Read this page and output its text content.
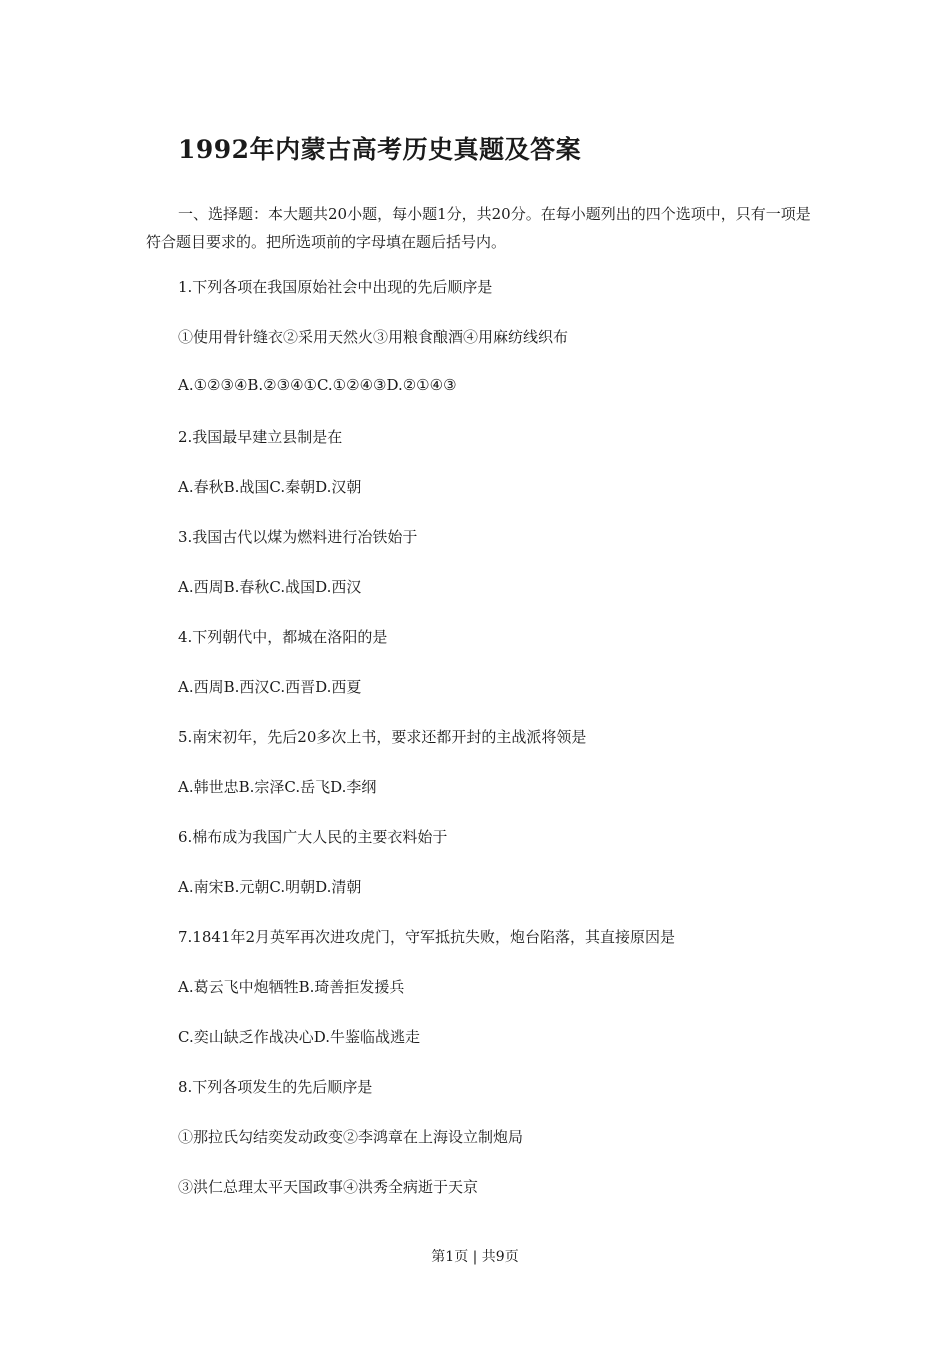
1992年内蒙古高考历史真题及答案

一、选择题：本大题共20小题，每小题1分，共20分。在每小题列出的四个选项中，只有一项是符合题目要求的。把所选项前的字母填在题后括号内。

1.下列各项在我国原始社会中出现的先后顺序是
①使用骨针缝衣②采用天然火③用粮食酿酒④用麻纺线织布
A.①②③④B.②③④①C.①②④③D.②①④③
2.我国最早建立县制是在
A.春秋B.战国C.秦朝D.汉朝
3.我国古代以煤为燃料进行冶铁始于
A.西周B.春秋C.战国D.西汉
4.下列朝代中，都城在洛阳的是
A.西周B.西汉C.西晋D.西夏
5.南宋初年，先后20多次上书，要求还都开封的主战派将领是
A.韩世忠B.宗泽C.岳飞D.李纲
6.棉布成为我国广大人民的主要衣料始于
A.南宋B.元朝C.明朝D.清朝
7.1841年2月英军再次进攻虎门，守军抵抗失败，炮台陷落，其直接原因是
A.葛云飞中炮牺牲B.琦善拒发援兵
C.奕山缺乏作战决心D.牛鉴临战逃走
8.下列各项发生的先后顺序是
①那拉氏勾结奕发动政变②李鸿章在上海设立制炮局
③洪仁总理太平天国政事④洪秀全病逝于天京
第1页 | 共9页
